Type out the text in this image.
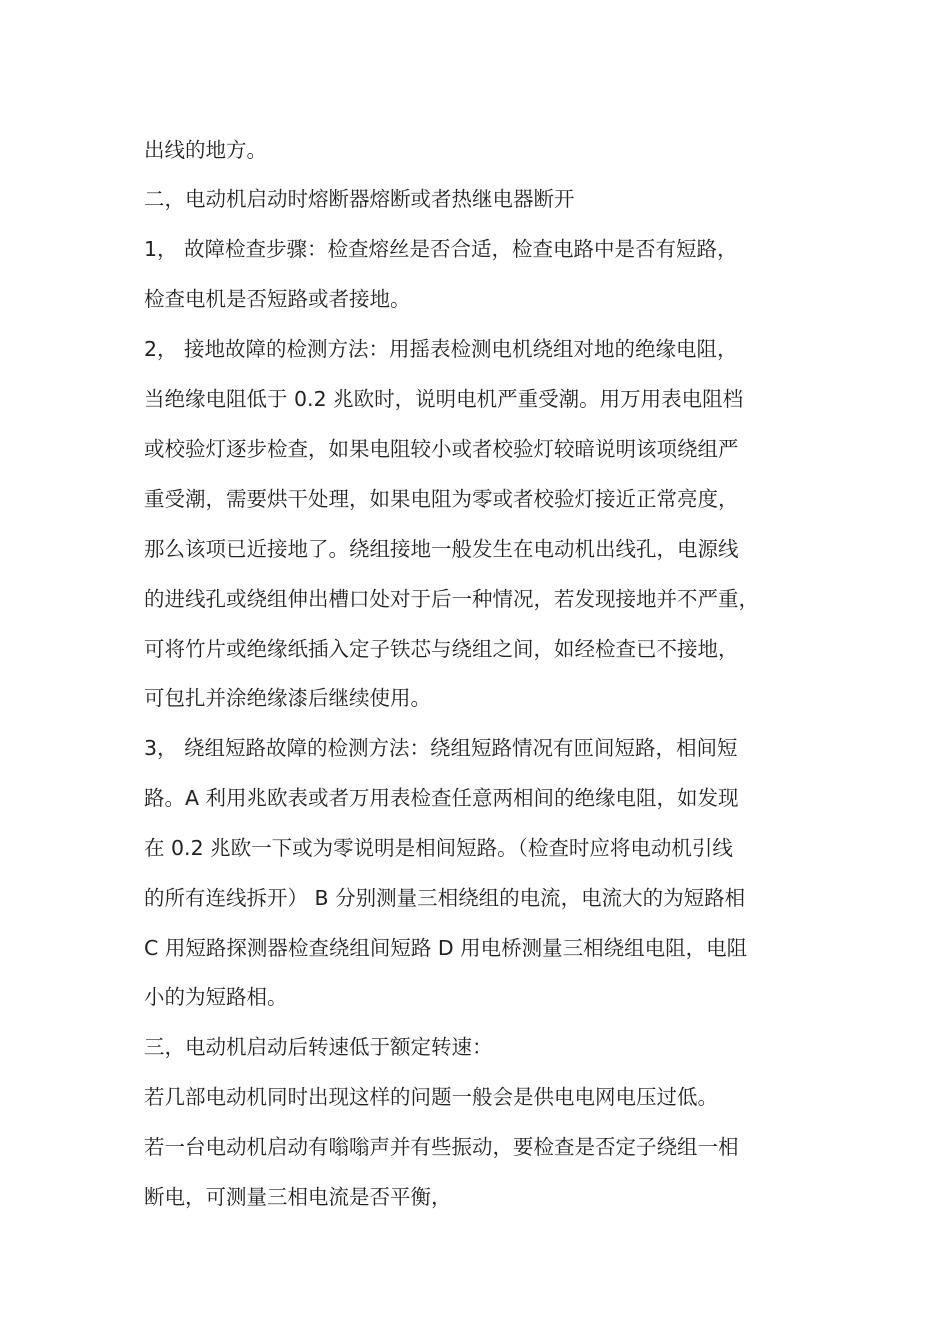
出线的地方。
二，电动机启动时熔断器熔断或者热继电器断开
1， 故障检查步骤：检查熔丝是否合适，检查电路中是否有短路，
检查电机是否短路或者接地。
2， 接地故障的检测方法：用摇表检测电机绕组对地的绝缘电阻，
当绝缘电阻低于 0.2 兆欧时，说明电机严重受潮。用万用表电阻档
或校验灯逐步检查，如果电阻较小或者校验灯较暗说明该项绕组严
重受潮，需要烘干处理，如果电阻为零或者校验灯接近正常亮度，
那么该项已近接地了。绕组接地一般发生在电动机出线孔，电源线
的进线孔或绕组伸出槽口处对于后一种情况，若发现接地并不严重，
可将竹片或绝缘纸插入定子铁芯与绕组之间，如经检查已不接地，
可包扎并涂绝缘漆后继续使用。
3， 绕组短路故障的检测方法：绕组短路情况有匝间短路，相间短
路。A 利用兆欧表或者万用表检查任意两相间的绝缘电阻，如发现
在 0.2 兆欧一下或为零说明是相间短路。（检查时应将电动机引线
的所有连线拆开） B 分别测量三相绕组的电流，电流大的为短路相
C 用短路探测器检查绕组间短路 D 用电桥测量三相绕组电阻，电阻
小的为短路相。
三，电动机启动后转速低于额定转速：
若几部电动机同时出现这样的问题一般会是供电电网电压过低。
若一台电动机启动有嗡嗡声并有些振动，要检查是否定子绕组一相
断电，可测量三相电流是否平衡，
